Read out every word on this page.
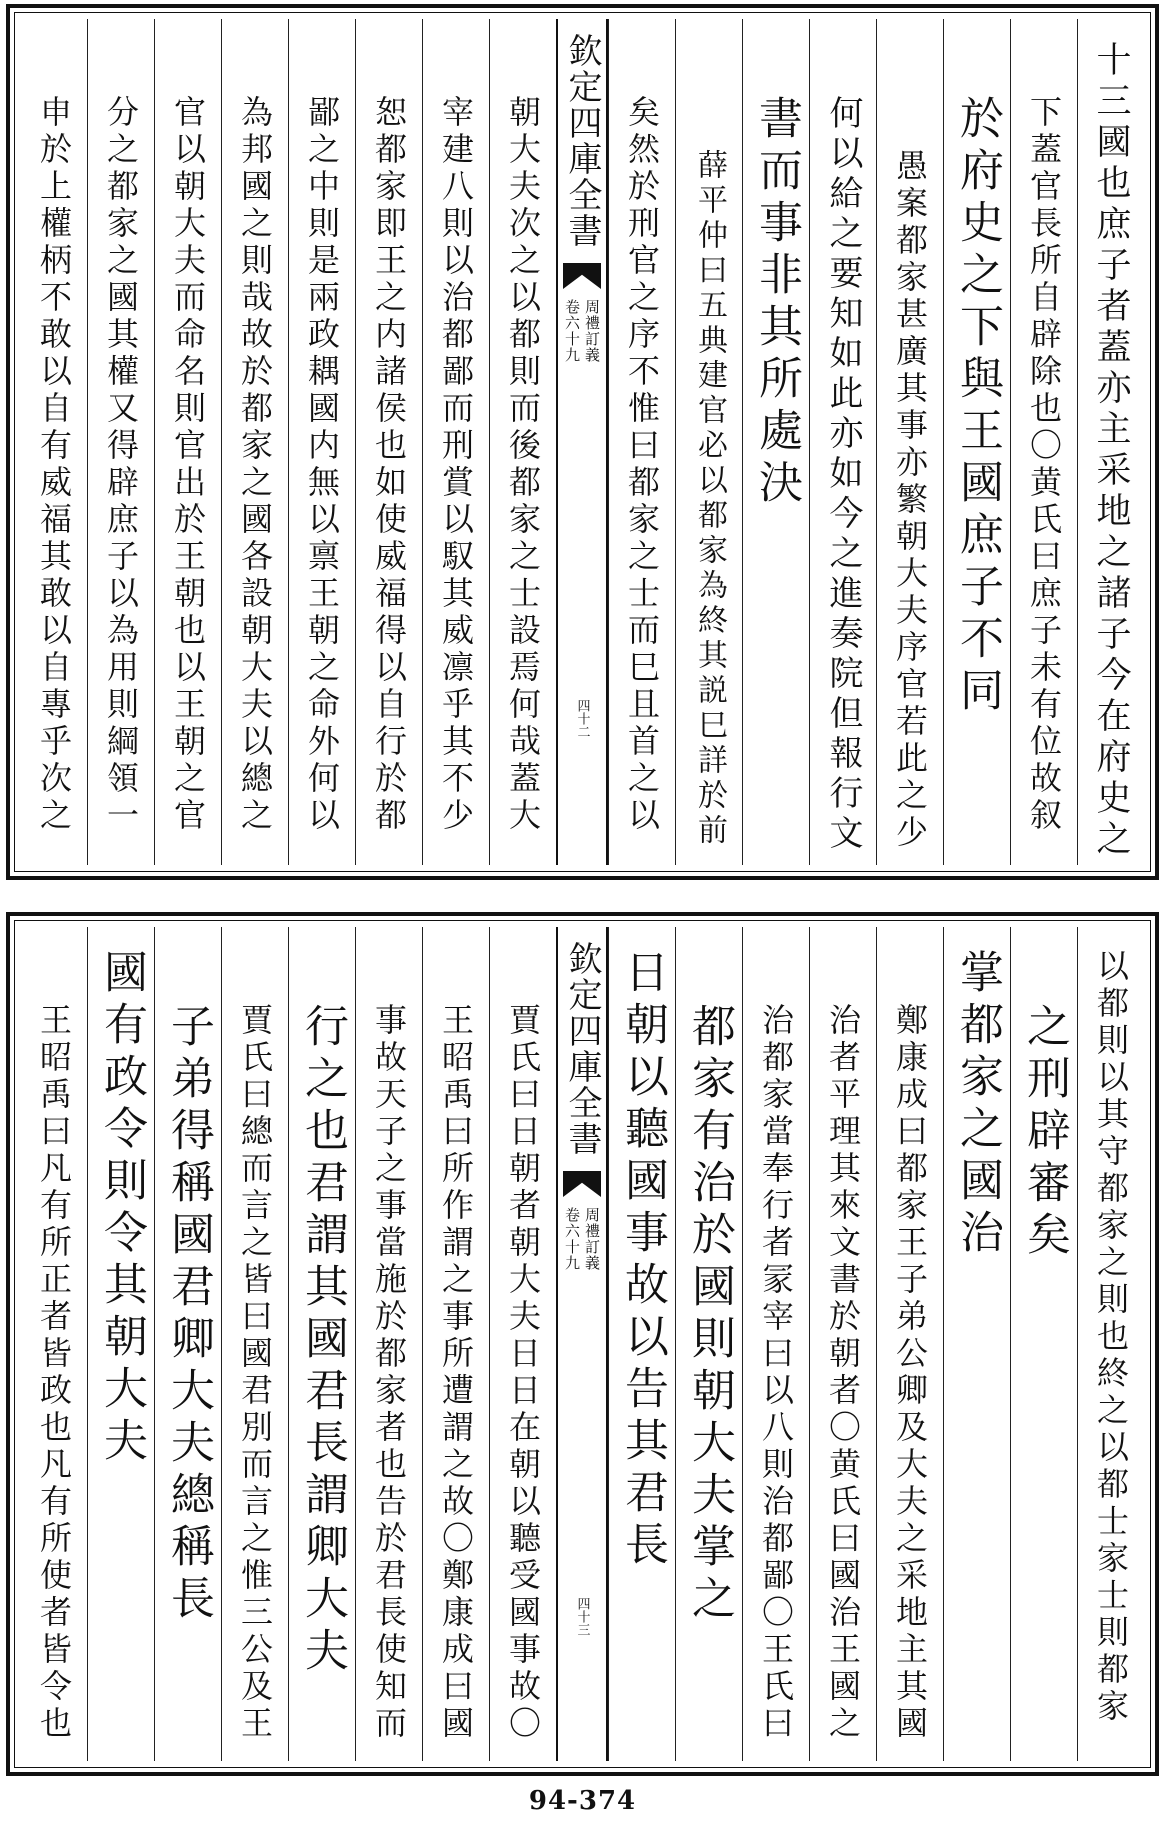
十三國也庶子者蓋亦主采地之諸子今在府史之
下蓋官長所自辟除也〇黄氏曰庶子未有位故叙
於府史之下與王國庶子不同
愚案都家甚廣其事亦繁朝大夫序官若此之少
何以給之要知如此亦如今之進奏院但報行文
書而事非其所處決
薛平仲曰五典建官必以都家為終其説巳詳於前
矣然於刑官之序不惟曰都家之士而巳且首之以
欽定四庫全書
周禮訂義
卷六十九
四十二
朝大夫次之以都則而後都家之士設焉何哉蓋大
宰建八則以治都鄙而刑賞以馭其威凛乎其不少
恕都家即王之内諸侯也如使威福得以自行於都
鄙之中則是兩政耦國内無以禀王朝之命外何以
為邦國之則哉故於都家之國各設朝大夫以總之
官以朝大夫而命名則官出於王朝也以王朝之官
分之都家之國其權又得辟庶子以為用則綱領一
申於上權柄不敢以自有威福其敢以自專乎次之
以都則以其守都家之則也終之以都士家士則都家
之刑辟審矣
掌都家之國治
鄭康成曰都家王子弟公卿及大夫之采地主其國
治者平理其來文書於朝者〇黄氏曰國治王國之
治都家當奉行者冡宰曰以八則治都鄙〇王氏曰
都家有治於國則朝大夫掌之
日朝以聽國事故以告其君長
欽定四庫全書
周禮訂義
卷六十九
四十三
賈氏曰日朝者朝大夫日日在朝以聽受國事故〇
王昭禹曰所作謂之事所遭謂之故〇鄭康成曰國
事故天子之事當施於都家者也告於君長使知而
行之也君謂其國君長謂卿大夫
賈氏曰總而言之皆曰國君別而言之惟三公及王
子弟得稱國君卿大夫總稱長
國有政令則令其朝大夫
王昭禹曰凡有所正者皆政也凡有所使者皆令也
94-374
